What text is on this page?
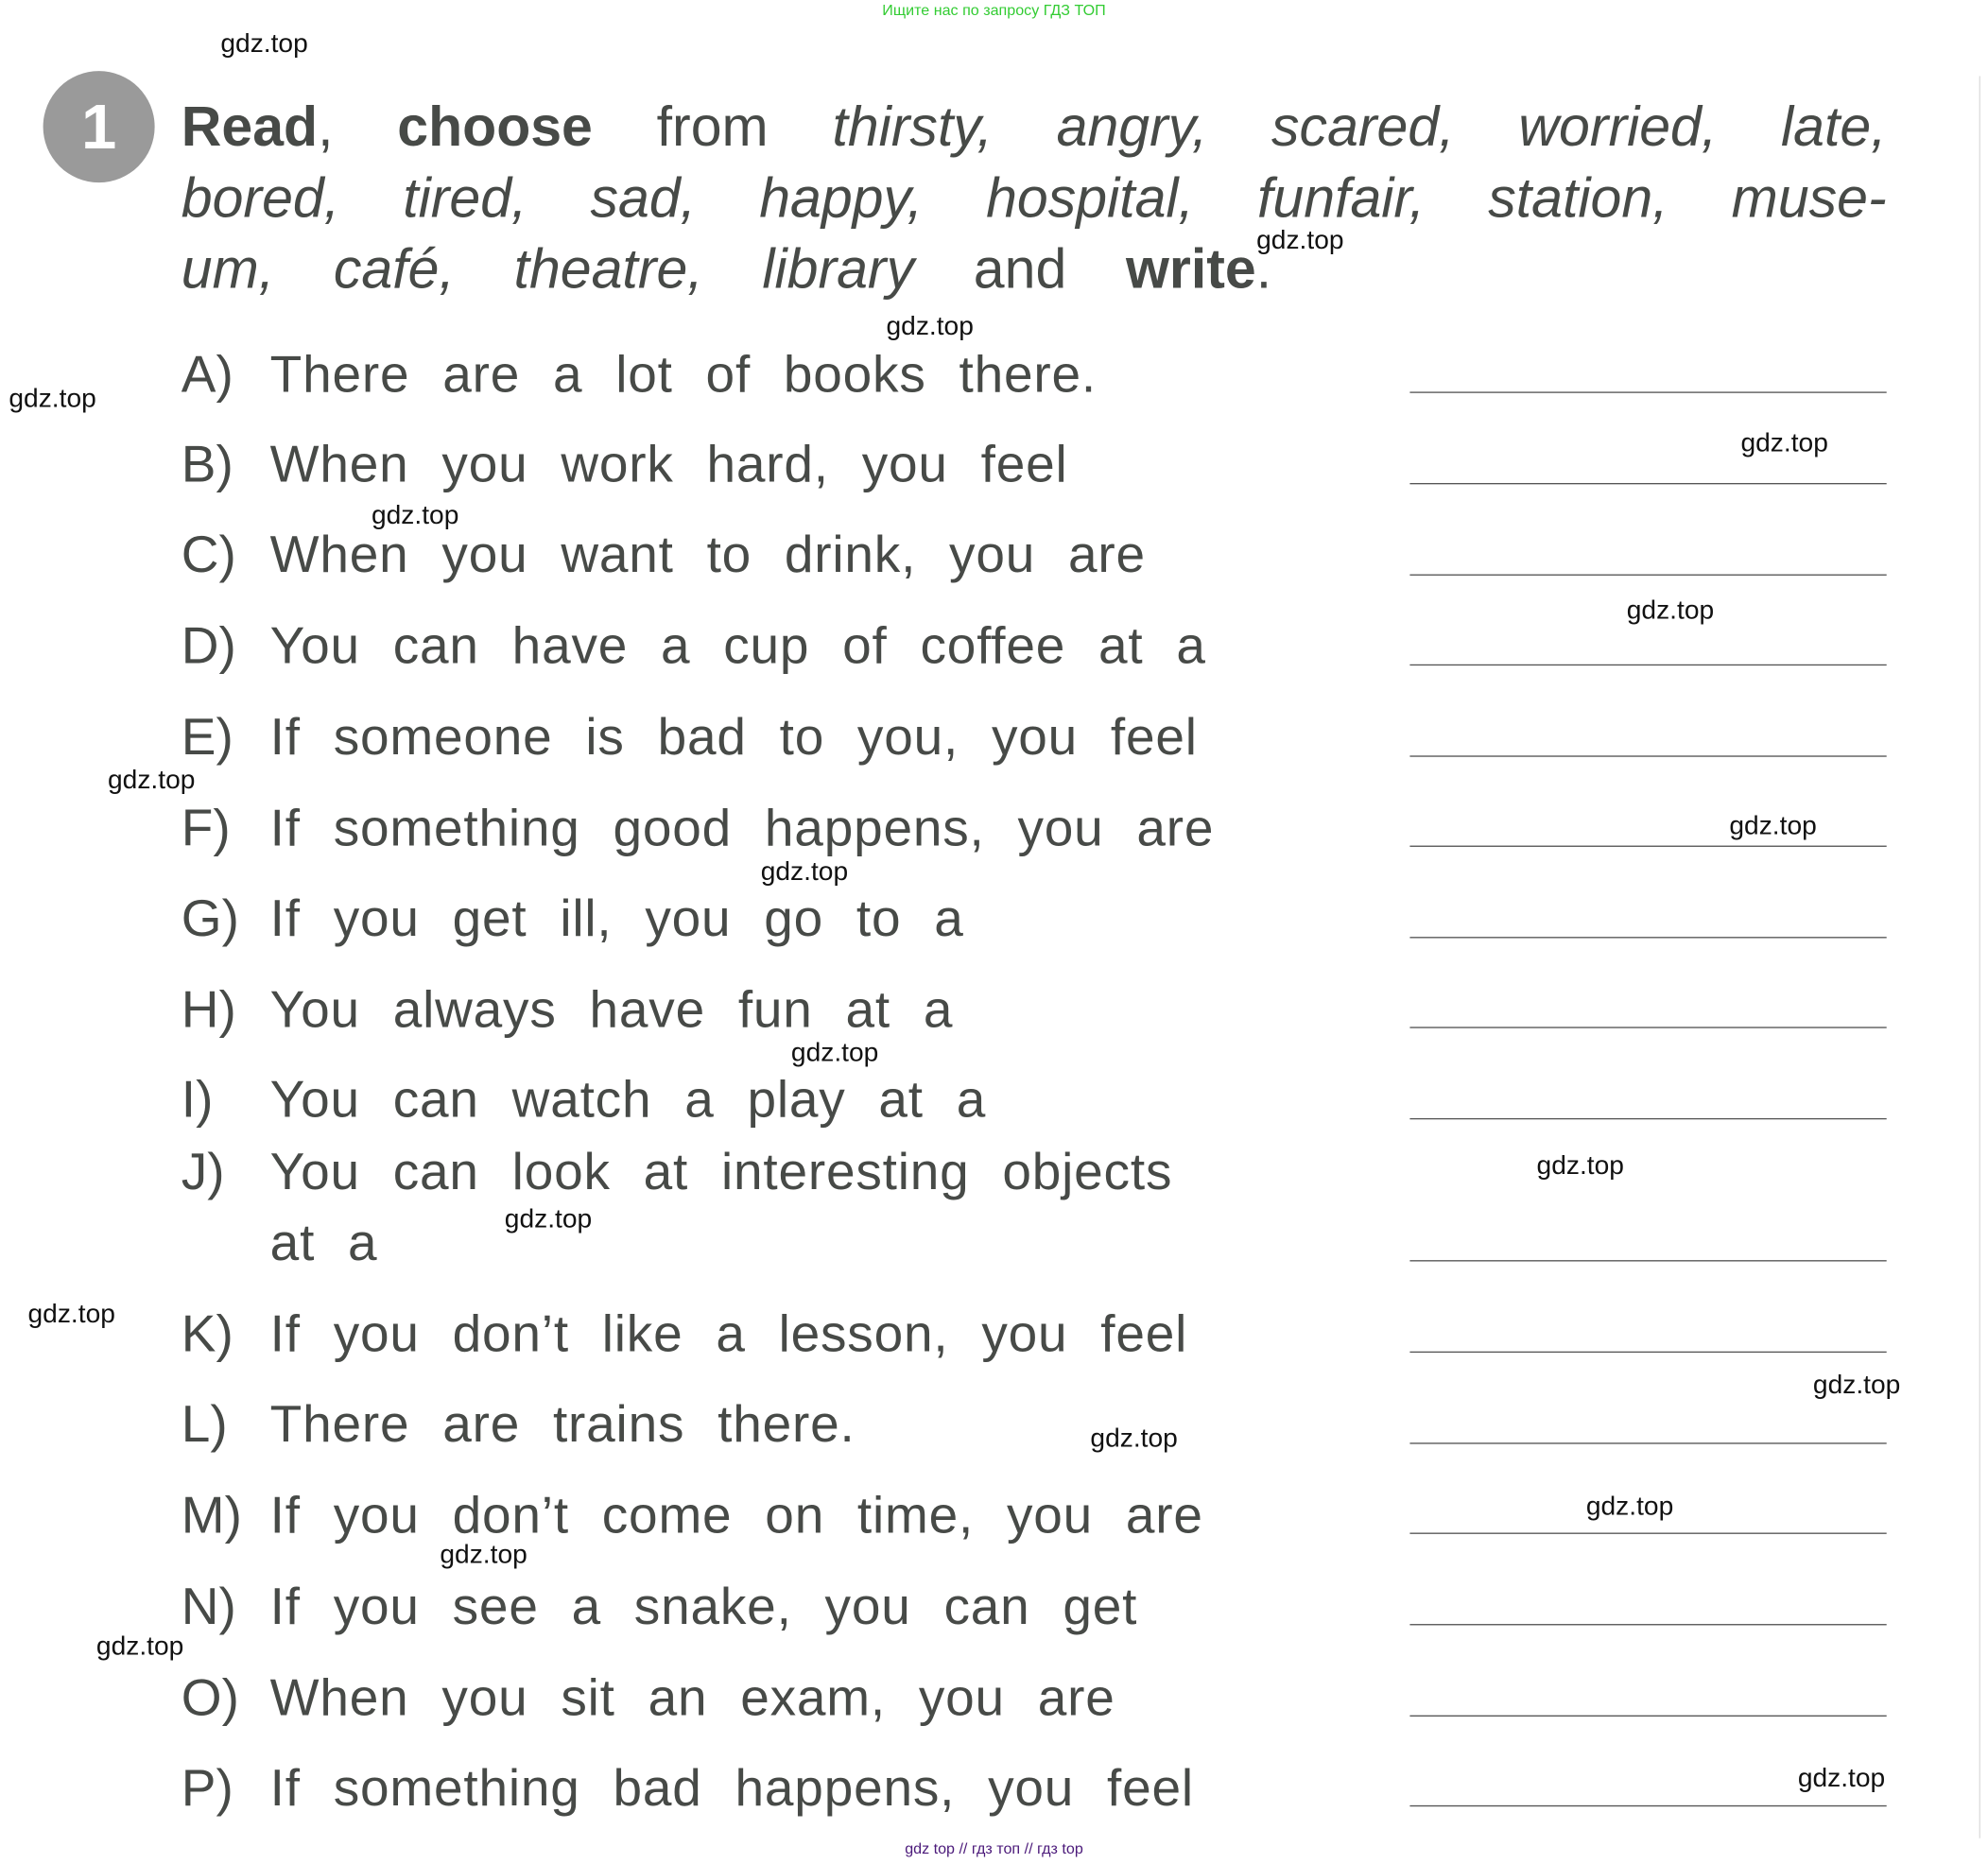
Ищите нас по запросу ГДЗ ТОП
1	Read, choose from thirsty, angry, scared, worried, late,
bored, tired, sad, happy, hospital, funfair, station, muse-
um, café, theatre, library and write.
A) There are a lot of books there.
B) When you work hard, you feel
C) When you want to drink, you are
D) You can have a cup of coffee at a
E) If someone is bad to you, you feel
F) If something good happens, you are
G) If you get ill, you go to a
H) You always have fun at a
I) You can watch a play at a
J) You can look at interesting objects
at a
K) If you don’t like a lesson, you feel
L) There are trains there.
M) If you don’t come on time, you are
N) If you see a snake, you can get
O) When you sit an exam, you are
P) If something bad happens, you feel
gdz.top
gdz.top
gdz.top
gdz.top
gdz.top
gdz.top
gdz.top
gdz.top
gdz.top
gdz.top
gdz.top
gdz.top
gdz.top
gdz.top
gdz.top
gdz.top
gdz.top
gdz.top
gdz.top
gdz.top
gdz top // гдз топ // гдз top
